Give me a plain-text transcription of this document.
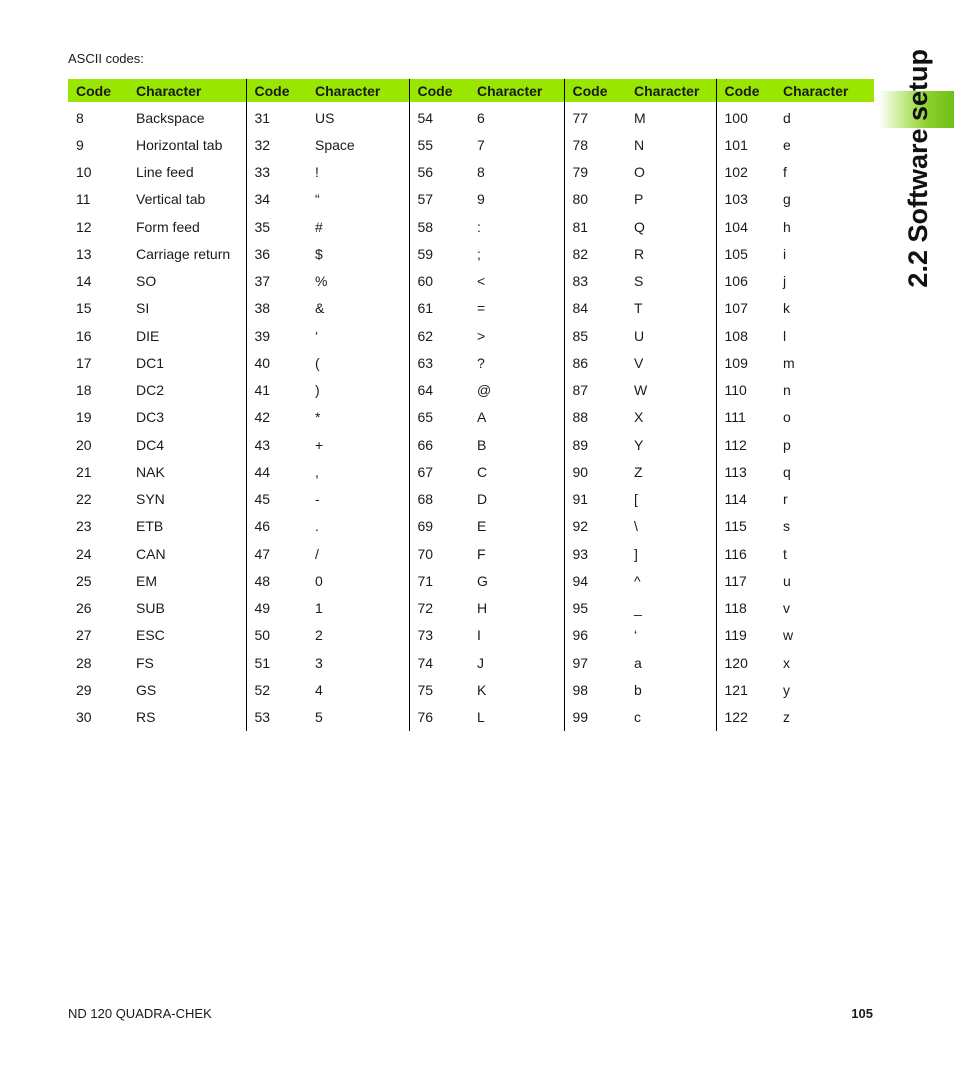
ASCII codes:
Code	Character	Code	Character	Code	Character	Code	Character	Code	Character
8	Backspace	31	US	54	6	77	M	100	d
9	Horizontal tab	32	Space	55	7	78	N	101	e
10	Line feed	33	!	56	8	79	O	102	f
11	Vertical tab	34	“	57	9	80	P	103	g
12	Form feed	35	#	58	:	81	Q	104	h
13	Carriage return	36	$	59	;	82	R	105	i
14	SO	37	%	60	<	83	S	106	j
15	SI	38	&	61	=	84	T	107	k
16	DIE	39	‘	62	>	85	U	108	l
17	DC1	40	(	63	?	86	V	109	m
18	DC2	41	)	64	@	87	W	110	n
19	DC3	42	*	65	A	88	X	111	o
20	DC4	43	+	66	B	89	Y	112	p
21	NAK	44	,	67	C	90	Z	113	q
22	SYN	45	-	68	D	91	[	114	r
23	ETB	46	.	69	E	92	\	115	s
24	CAN	47	/	70	F	93	]	116	t
25	EM	48	0	71	G	94	^	117	u
26	SUB	49	1	72	H	95	_	118	v
27	ESC	50	2	73	I	96	‘	119	w
28	FS	51	3	74	J	97	a	120	x
29	GS	52	4	75	K	98	b	121	y
30	RS	53	5	76	L	99	c	122	z
2.2 Software setup
ND 120 QUADRA-CHEK	105
